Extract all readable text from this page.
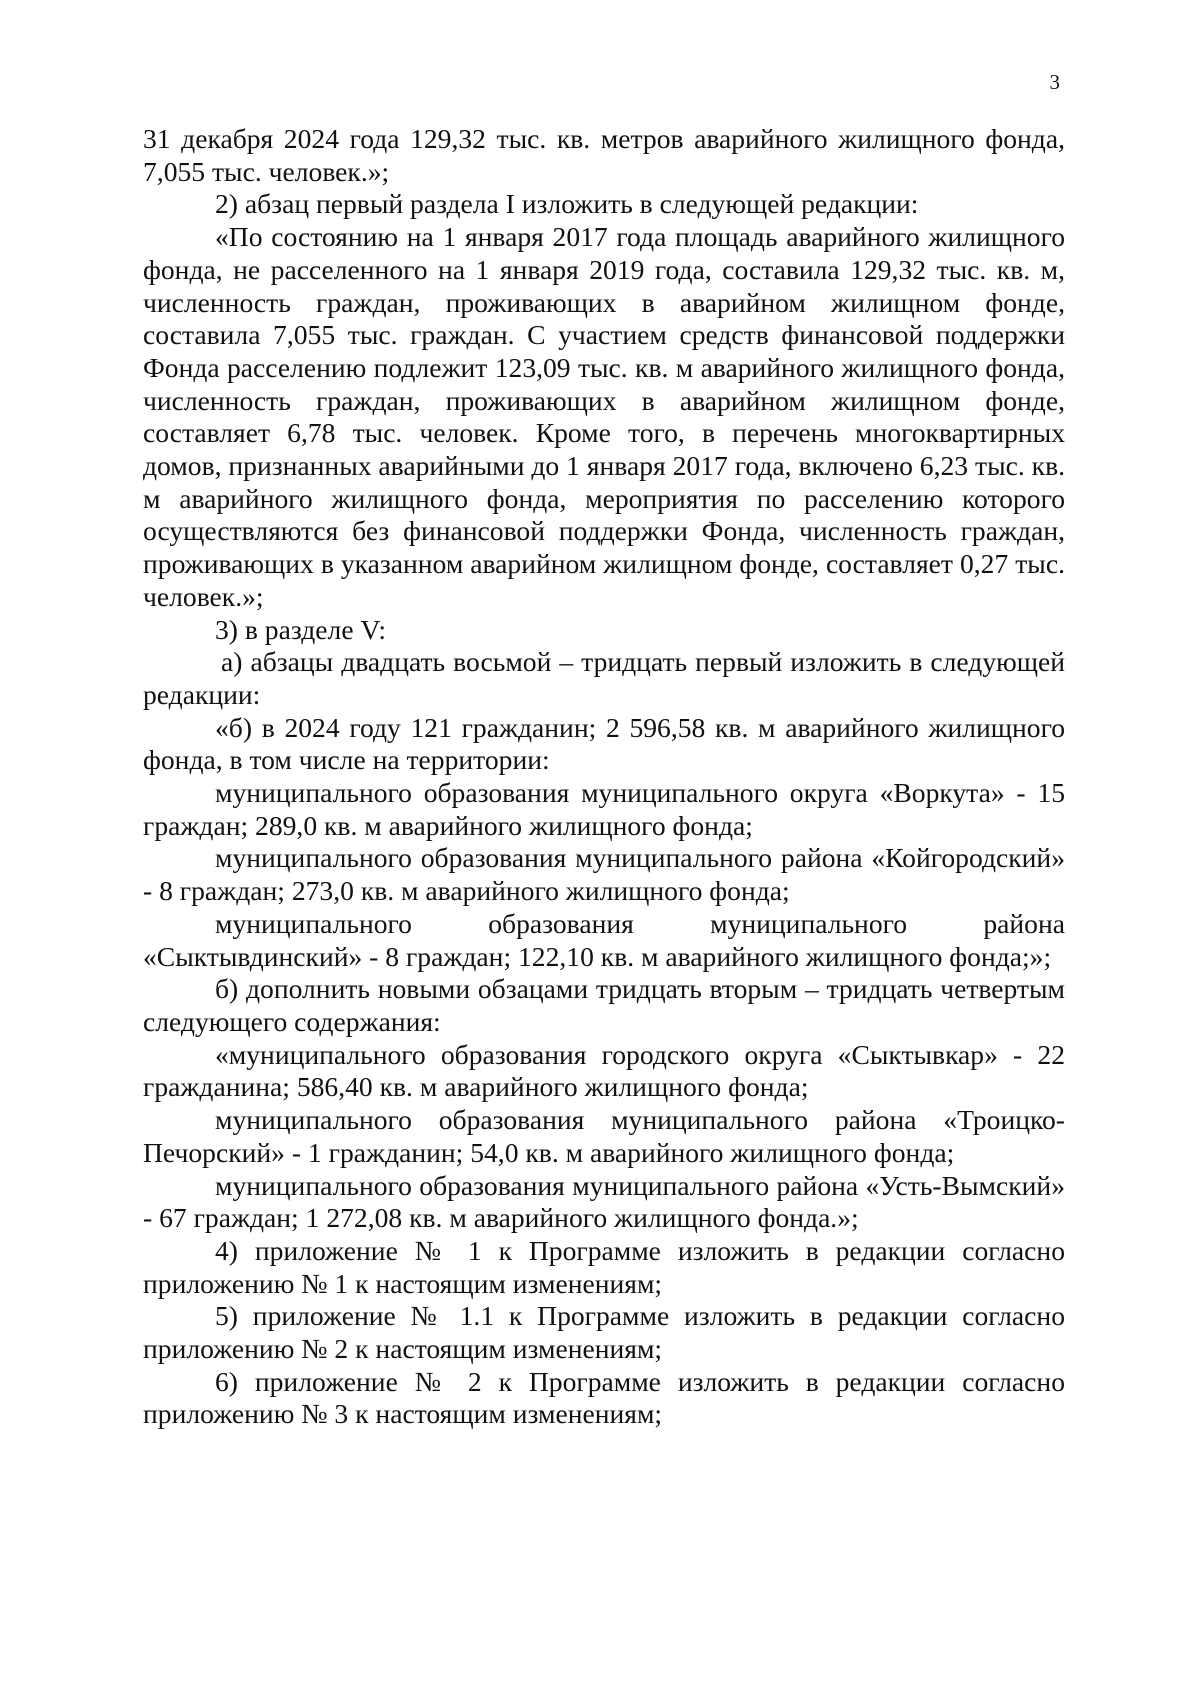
3

31 декабря 2024 года 129,32 тыс. кв. метров аварийного жилищного фонда, 7,055 тыс. человек.»;

2) абзац первый раздела I изложить в следующей редакции:

«По состоянию на 1 января 2017 года площадь аварийного жилищного фонда, не расселенного на 1 января 2019 года, составила 129,32 тыс. кв. м, численность граждан, проживающих в аварийном жилищном фонде, составила 7,055 тыс. граждан. С участием средств финансовой поддержки Фонда расселению подлежит 123,09 тыс. кв. м аварийного жилищного фонда, численность граждан, проживающих в аварийном жилищном фонде, составляет 6,78 тыс. человек. Кроме того, в перечень многоквартирных домов, признанных аварийными до 1 января 2017 года, включено 6,23 тыс. кв. м аварийного жилищного фонда, мероприятия по расселению которого осуществляются без финансовой поддержки Фонда, численность граждан, проживающих в указанном аварийном жилищном фонде, составляет 0,27 тыс. человек.»;

3) в разделе V:

а) абзацы двадцать восьмой – тридцать первый изложить в следующей редакции:

«б) в 2024 году 121 гражданин; 2 596,58 кв. м аварийного жилищного фонда, в том числе на территории:

муниципального образования муниципального округа «Воркута» - 15 граждан; 289,0 кв. м аварийного жилищного фонда;

муниципального образования муниципального района «Койгородский» - 8 граждан; 273,0 кв. м аварийного жилищного фонда;

муниципального образования муниципального района «Сыктывдинский» - 8 граждан; 122,10 кв. м аварийного жилищного фонда;»;

б) дополнить новыми обзацами тридцать вторым – тридцать четвертым следующего содержания:

«муниципального образования городского округа «Сыктывкар» - 22 гражданина; 586,40 кв. м аварийного жилищного фонда;

муниципального образования муниципального района «Троицко-Печорский» - 1 гражданин; 54,0 кв. м аварийного жилищного фонда;

муниципального образования муниципального района «Усть-Вымский» - 67 граждан; 1 272,08 кв. м аварийного жилищного фонда.»;

4) приложение № 1 к Программе изложить в редакции согласно приложению № 1 к настоящим изменениям;

5) приложение № 1.1 к Программе изложить в редакции согласно приложению № 2 к настоящим изменениям;

6) приложение № 2 к Программе изложить в редакции согласно приложению № 3 к настоящим изменениям;
